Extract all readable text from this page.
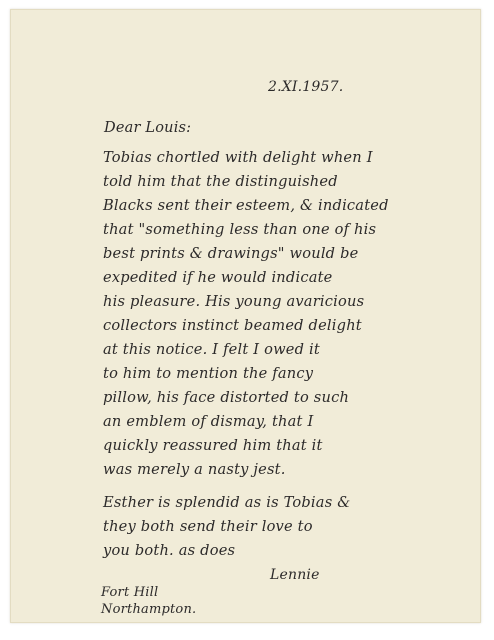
2.XI.1957.
Dear Louis:
Tobias chortled with delight when I
told him that the distinguished
Blacks sent their esteem, & indicated
that "something less than one of his
best prints & drawings" would be
expedited if he would indicate
his pleasure. His young avaricious
collectors instinct beamed delight
at this notice. I felt I owed it
to him to mention the fancy
pillow, his face distorted to such
an emblem of dismay, that I
quickly reassured him that it
was merely a nasty jest.
Esther is splendid as is Tobias &
they both send their love to
you both. as does
Lennie
Fort Hill
Northampton.
